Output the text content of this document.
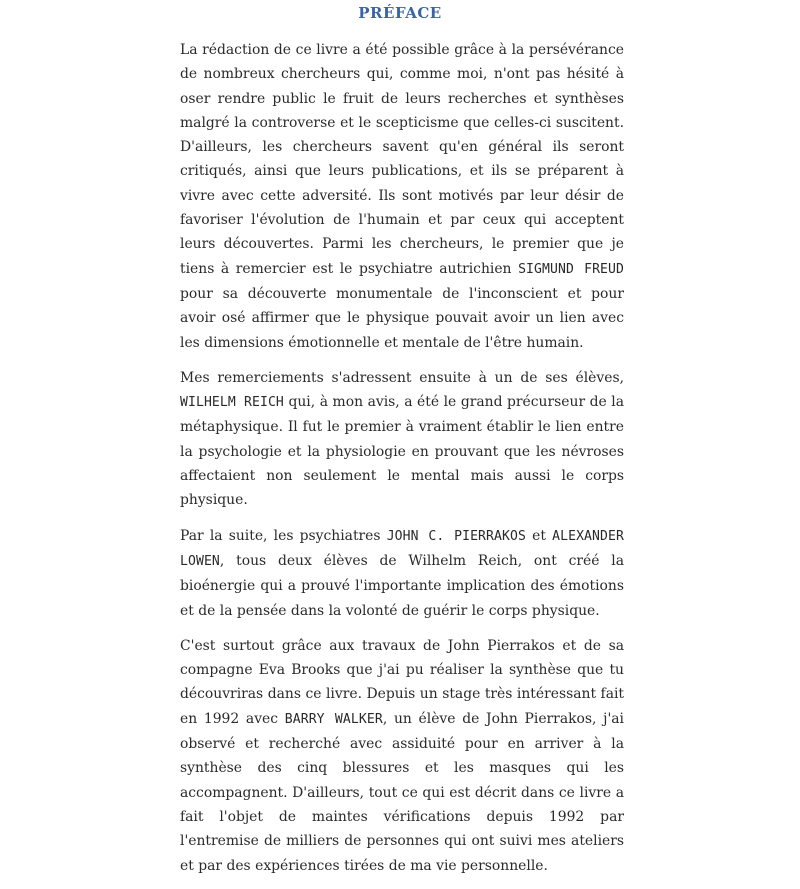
PRÉFACE

La rédaction de ce livre a été possible grâce à la persévérance de nombreux chercheurs qui, comme moi, n'ont pas hésité à oser rendre public le fruit de leurs recherches et synthèses malgré la controverse et le scepticisme que celles-ci suscitent. D'ailleurs, les chercheurs savent qu'en général ils seront critiqués, ainsi que leurs publications, et ils se préparent à vivre avec cette adversité. Ils sont motivés par leur désir de favoriser l'évolution de l'humain et par ceux qui acceptent leurs découvertes. Parmi les chercheurs, le premier que je tiens à remercier est le psychiatre autrichien SIGMUND FREUD pour sa découverte monumentale de l'inconscient et pour avoir osé affirmer que le physique pouvait avoir un lien avec les dimensions émotionnelle et mentale de l'être humain.

Mes remerciements s'adressent ensuite à un de ses élèves, WILHELM REICH qui, à mon avis, a été le grand précurseur de la métaphysique. Il fut le premier à vraiment établir le lien entre la psychologie et la physiologie en prouvant que les névroses affectaient non seulement le mental mais aussi le corps physique.

Par la suite, les psychiatres JOHN C. PIERRAKOS et ALEXANDER LOWEN, tous deux élèves de Wilhelm Reich, ont créé la bioénergie qui a prouvé l'importante implication des émotions et de la pensée dans la volonté de guérir le corps physique.

C'est surtout grâce aux travaux de John Pierrakos et de sa compagne Eva Brooks que j'ai pu réaliser la synthèse que tu découvriras dans ce livre. Depuis un stage très intéressant fait en 1992 avec BARRY WALKER, un élève de John Pierrakos, j'ai observé et recherché avec assiduité pour en arriver à la synthèse des cinq blessures et les masques qui les accompagnent. D'ailleurs, tout ce qui est décrit dans ce livre a fait l'objet de maintes vérifications depuis 1992 par l'entremise de milliers de personnes qui ont suivi mes ateliers et par des expériences tirées de ma vie personnelle.
